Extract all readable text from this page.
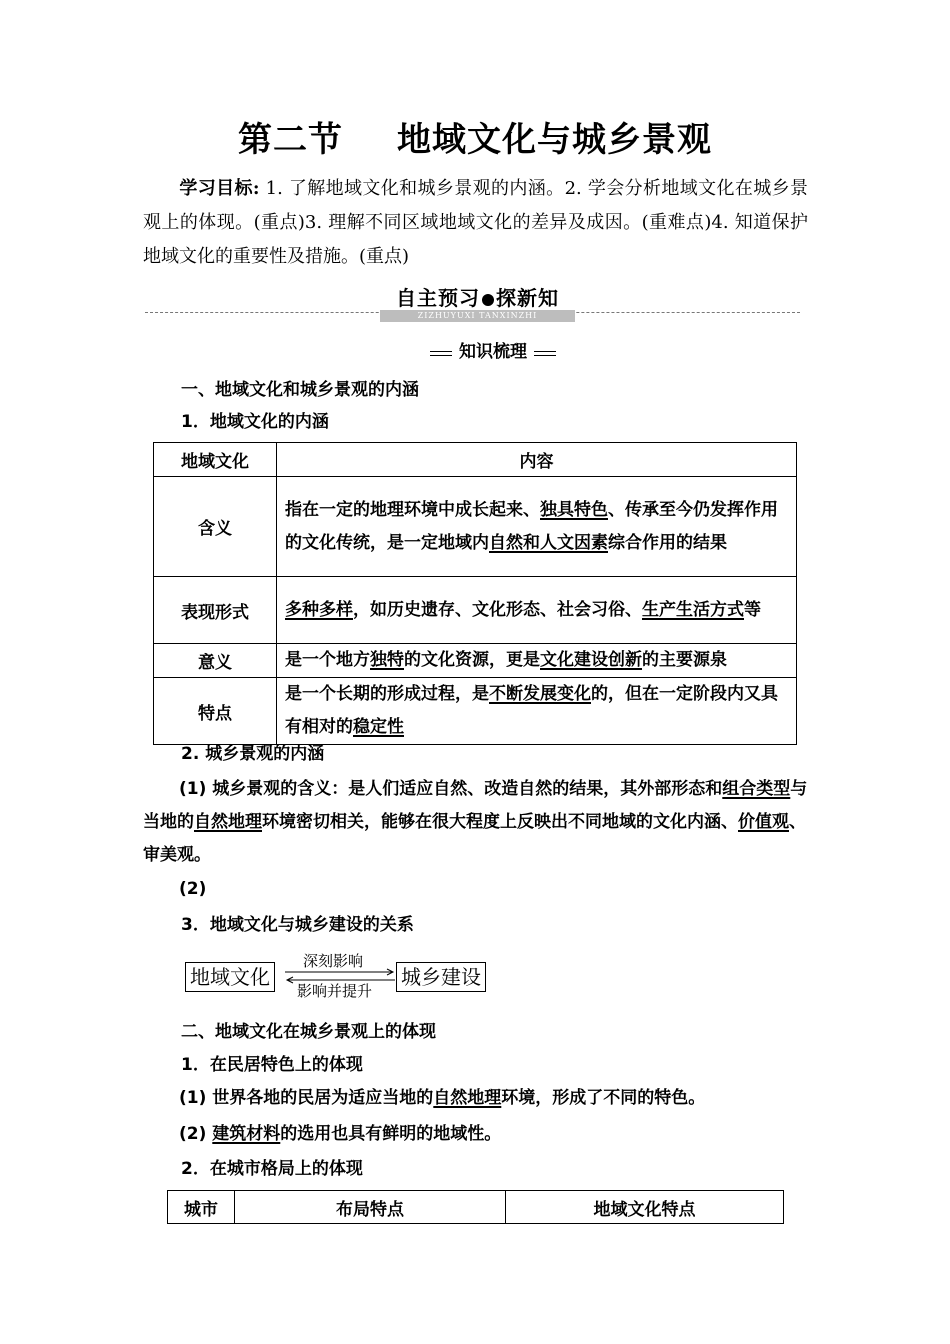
第二节 地域文化与城乡景观
学习目标: 1. 了解地域文化和城乡景观的内涵。2. 学会分析地域文化在城乡景观上的体现。(重点)3. 理解不同区域地域文化的差异及成因。(重难点)4. 知道保护地域文化的重要性及措施。(重点)
自主预习 探新知
ZIZHUYUXI TANXINZHI
知识梳理
一、地域文化和城乡景观的内涵
1．地域文化的内涵
地域文化	内容
含义	指在一定的地理环境中成长起来、独具特色、传承至今仍发挥作用的文化传统，是一定地域内自然和人文因素综合作用的结果
表现形式	多种多样，如历史遗存、文化形态、社会习俗、生产生活方式等
意义	是一个地方独特的文化资源，更是文化建设创新的主要源泉
特点	是一个长期的形成过程，是不断发展变化的，但在一定阶段内又具有相对的稳定性
2. 城乡景观的内涵
(1) 城乡景观的含义：是人们适应自然、改造自然的结果，其外部形态和组合类型与当地的自然地理环境密切相关，能够在很大程度上反映出不同地域的文化内涵、价值观、审美观。
(2)
3．地域文化与城乡建设的关系
地域文化	城乡建设
深刻影响
影响并提升
二、地域文化在城乡景观上的体现
1．在民居特色上的体现
(1) 世界各地的民居为适应当地的自然地理环境，形成了不同的特色。
(2) 建筑材料的选用也具有鲜明的地域性。
2．在城市格局上的体现
城市	布局特点	地域文化特点
